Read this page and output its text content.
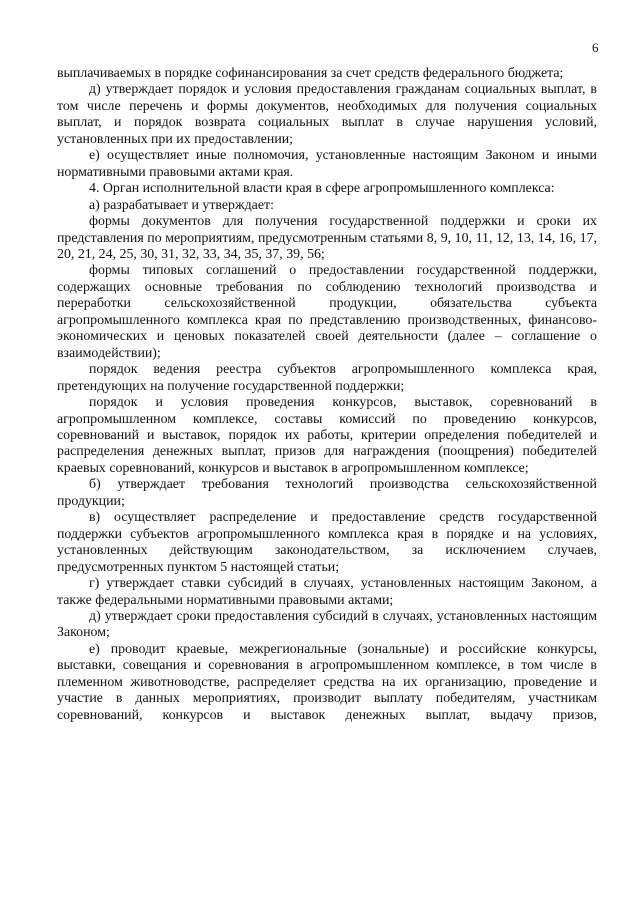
6

выплачиваемых в порядке софинансирования за счет средств федерального бюджета;

д) утверждает порядок и условия предоставления гражданам социальных выплат, в том числе перечень и формы документов, необходимых для получения социальных выплат, и порядок возврата социальных выплат в случае нарушения условий, установленных при их предоставлении;

е) осуществляет иные полномочия, установленные настоящим Законом и иными нормативными правовыми актами края.

4. Орган исполнительной власти края в сфере агропромышленного комплекса:

а) разрабатывает и утверждает:

формы документов для получения государственной поддержки и сроки их представления по мероприятиям, предусмотренным статьями 8, 9, 10, 11, 12, 13, 14, 16, 17, 20, 21, 24, 25, 30, 31, 32, 33, 34, 35, 37, 39, 56;

формы типовых соглашений о предоставлении государственной поддержки, содержащих основные требования по соблюдению технологий производства и переработки сельскохозяйственной продукции, обязательства субъекта агропромышленного комплекса края по представлению производственных, финансово-экономических и ценовых показателей своей деятельности (далее – соглашение о взаимодействии);

порядок ведения реестра субъектов агропромышленного комплекса края, претендующих на получение государственной поддержки;

порядок и условия проведения конкурсов, выставок, соревнований в агропромышленном комплексе, составы комиссий по проведению конкурсов, соревнований и выставок, порядок их работы, критерии определения победителей и распределения денежных выплат, призов для награждения (поощрения) победителей краевых соревнований, конкурсов и выставок в агропромышленном комплексе;

б) утверждает требования технологий производства сельскохозяйственной продукции;

в) осуществляет распределение и предоставление средств государственной поддержки субъектов агропромышленного комплекса края в порядке и на условиях, установленных действующим законодательством, за исключением случаев, предусмотренных пунктом 5 настоящей статьи;

г) утверждает ставки субсидий в случаях, установленных настоящим Законом, а также федеральными нормативными правовыми актами;

д) утверждает сроки предоставления субсидий в случаях, установленных настоящим Законом;

е) проводит краевые, межрегиональные (зональные) и российские конкурсы, выставки, совещания и соревнования в агропромышленном комплексе, в том числе в племенном животноводстве, распределяет средства на их организацию, проведение и участие в данных мероприятиях, производит выплату победителям, участникам соревнований, конкурсов и выставок денежных выплат, выдачу призов,
